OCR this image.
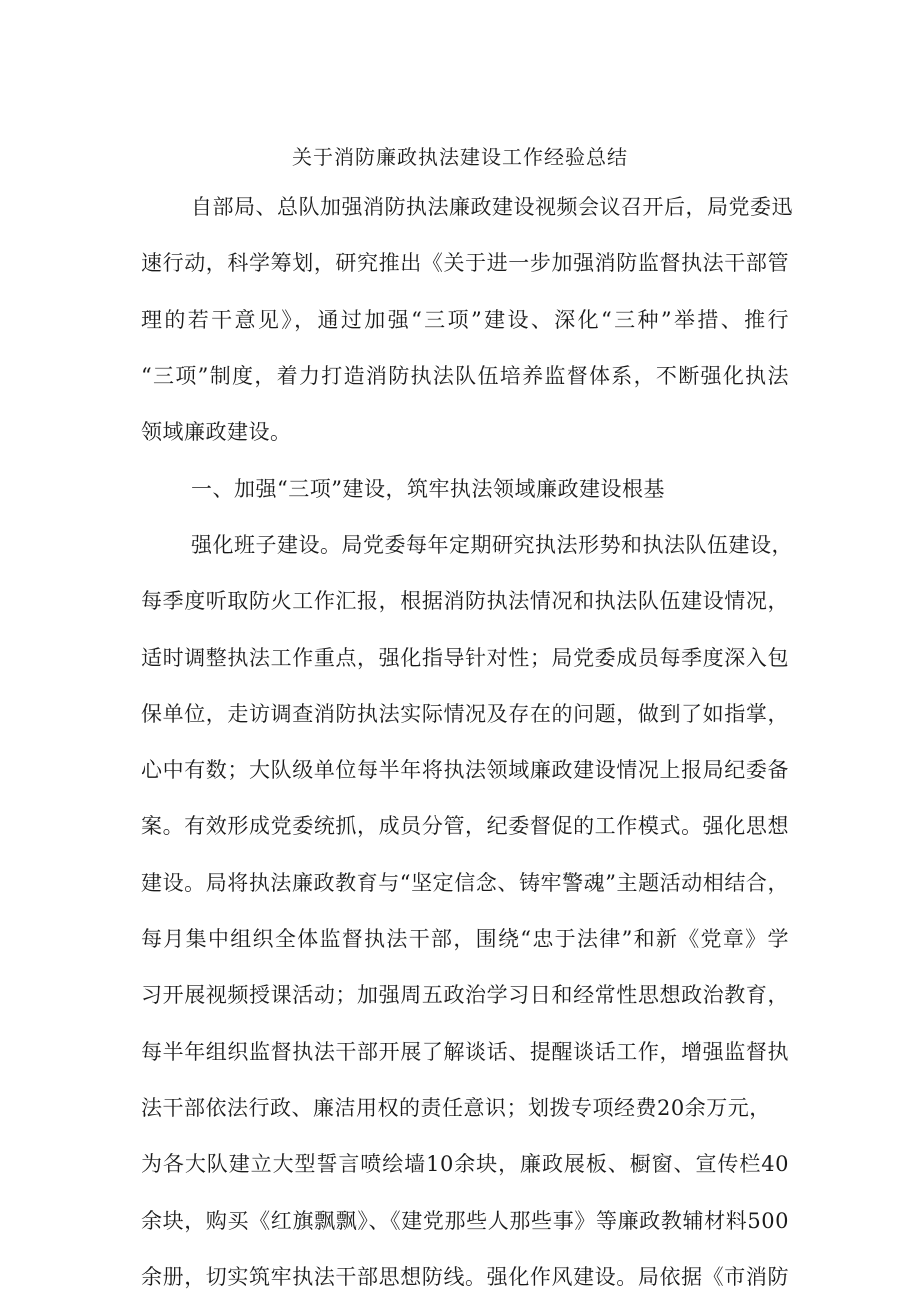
关于消防廉政执法建设工作经验总结
自部局、总队加强消防执法廉政建设视频会议召开后，局党委迅
速行动，科学筹划，研究推出《关于进一步加强消防监督执法干部管
理的若干意见》，通过加强“三项”建设、深化“三种”举措、推行
“三项”制度，着力打造消防执法队伍培养监督体系，不断强化执法
领域廉政建设。
一、加强“三项”建设，筑牢执法领域廉政建设根基
强化班子建设。局党委每年定期研究执法形势和执法队伍建设，
每季度听取防火工作汇报，根据消防执法情况和执法队伍建设情况，
适时调整执法工作重点，强化指导针对性；局党委成员每季度深入包
保单位，走访调查消防执法实际情况及存在的问题，做到了如指掌，
心中有数；大队级单位每半年将执法领域廉政建设情况上报局纪委备
案。有效形成党委统抓，成员分管，纪委督促的工作模式。强化思想
建设。局将执法廉政教育与“坚定信念、铸牢警魂”主题活动相结合，
每月集中组织全体监督执法干部，围绕“忠于法律”和新《党章》学
习开展视频授课活动；加强周五政治学习日和经常性思想政治教育，
每半年组织监督执法干部开展了解谈话、提醒谈话工作，增强监督执
法干部依法行政、廉洁用权的责任意识；划拨专项经费20余万元，
为各大队建立大型誓言喷绘墙10余块，廉政展板、橱窗、宣传栏40
余块，购买《红旗飘飘》、《建党那些人那些事》等廉政教辅材料500
余册，切实筑牢执法干部思想防线。强化作风建设。局依据《市消防
